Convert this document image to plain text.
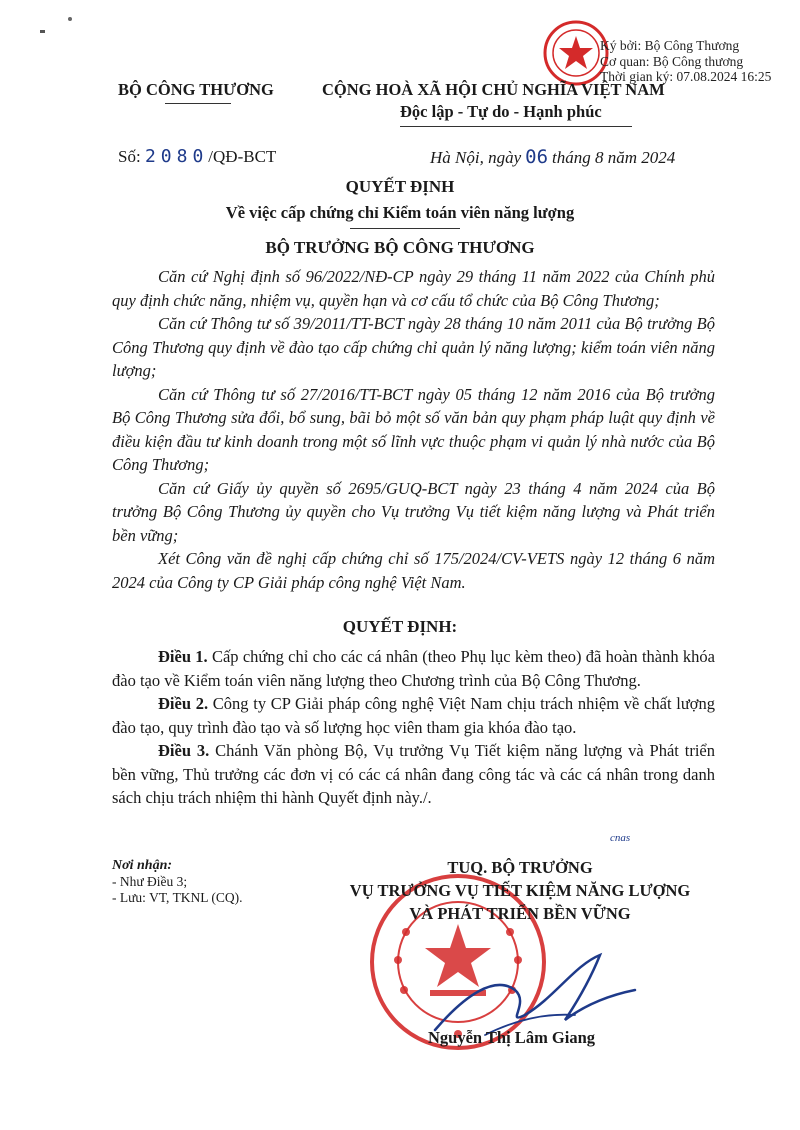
Ký bởi: Bộ Công Thương
Cơ quan: Bộ Công thương
Thời gian ký: 07.08.2024 16:25
BỘ CÔNG THƯƠNG	CỘNG HOÀ XÃ HỘI CHỦ NGHĨA VIỆT NAM
Độc lập - Tự do - Hạnh phúc
Số: 2080/QĐ-BCT	Hà Nội, ngày 06 tháng 8 năm 2024
QUYẾT ĐỊNH
Về việc cấp chứng chỉ Kiểm toán viên năng lượng
BỘ TRƯỞNG BỘ CÔNG THƯƠNG

Căn cứ Nghị định số 96/2022/NĐ-CP ngày 29 tháng 11 năm 2022 của Chính phủ quy định chức năng, nhiệm vụ, quyền hạn và cơ cấu tổ chức của Bộ Công Thương;

Căn cứ Thông tư số 39/2011/TT-BCT ngày 28 tháng 10 năm 2011 của Bộ trưởng Bộ Công Thương quy định về đào tạo cấp chứng chỉ quản lý năng lượng; kiểm toán viên năng lượng;

Căn cứ Thông tư số 27/2016/TT-BCT ngày 05 tháng 12 năm 2016 của Bộ trưởng Bộ Công Thương sửa đổi, bổ sung, bãi bỏ một số văn bản quy phạm pháp luật quy định về điều kiện đầu tư kinh doanh trong một số lĩnh vực thuộc phạm vi quản lý nhà nước của Bộ Công Thương;

Căn cứ Giấy ủy quyền số 2695/GUQ-BCT ngày 23 tháng 4 năm 2024 của Bộ trưởng Bộ Công Thương ủy quyền cho Vụ trưởng Vụ tiết kiệm năng lượng và Phát triển bền vững;

Xét Công văn đề nghị cấp chứng chỉ số 175/2024/CV-VETS ngày 12 tháng 6 năm 2024 của Công ty CP Giải pháp công nghệ Việt Nam.

QUYẾT ĐỊNH:

Điều 1. Cấp chứng chỉ cho các cá nhân (theo Phụ lục kèm theo) đã hoàn thành khóa đào tạo về Kiểm toán viên năng lượng theo Chương trình của Bộ Công Thương.

Điều 2. Công ty CP Giải pháp công nghệ Việt Nam chịu trách nhiệm về chất lượng đào tạo, quy trình đào tạo và số lượng học viên tham gia khóa đào tạo.

Điều 3. Chánh Văn phòng Bộ, Vụ trưởng Vụ Tiết kiệm năng lượng và Phát triển bền vững, Thủ trưởng các đơn vị có các cá nhân đang công tác và các cá nhân trong danh sách chịu trách nhiệm thi hành Quyết định này./.

cnas
Nơi nhận:
- Như Điều 3;
- Lưu: VT, TKNL (CQ).
TUQ. BỘ TRƯỞNG
VỤ TRƯỞNG VỤ TIẾT KIỆM NĂNG LƯỢNG
VÀ PHÁT TRIỂN BỀN VỮNG
Nguyễn Thị Lâm Giang
